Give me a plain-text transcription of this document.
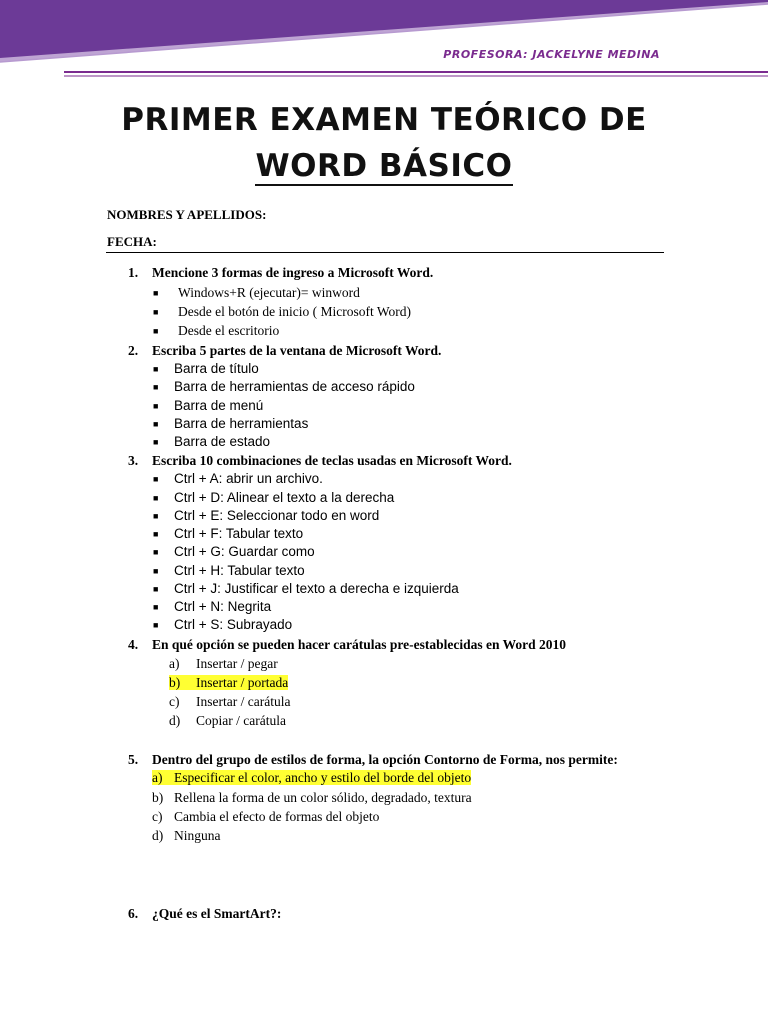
PROFESORA: JACKELYNE MEDINA
PRIMER EXAMEN TEÓRICO DE
WORD BÁSICO
NOMBRES Y APELLIDOS:
FECHA:
1. Mencione 3 formas de ingreso a Microsoft Word.
■ Windows+R (ejecutar)= winword
■ Desde el botón de inicio ( Microsoft Word)
■ Desde el escritorio
2. Escriba 5 partes de la ventana de Microsoft Word.
■ Barra de título
■ Barra de herramientas de acceso rápido
■ Barra de menú
■ Barra de herramientas
■ Barra de estado
3. Escriba 10 combinaciones de teclas usadas en Microsoft Word.
■ Ctrl + A: abrir un archivo.
■ Ctrl + D: Alinear el texto a la derecha
■ Ctrl + E: Seleccionar todo en word
■ Ctrl + F: Tabular texto
■ Ctrl + G: Guardar como
■ Ctrl + H: Tabular texto
■ Ctrl + J: Justificar el texto a derecha e izquierda
■ Ctrl + N: Negrita
■ Ctrl + S: Subrayado
4. En qué opción se pueden hacer carátulas pre-establecidas en Word 2010
a) Insertar / pegar
b) Insertar / portada
c) Insertar / carátula
d) Copiar / carátula
5. Dentro del grupo de estilos de forma, la opción Contorno de Forma, nos permite:
a) Especificar el color, ancho y estilo del borde del objeto
b) Rellena la forma de un color sólido, degradado, textura
c) Cambia el efecto de formas del objeto
d) Ninguna
6. ¿Qué es el SmartArt?:
